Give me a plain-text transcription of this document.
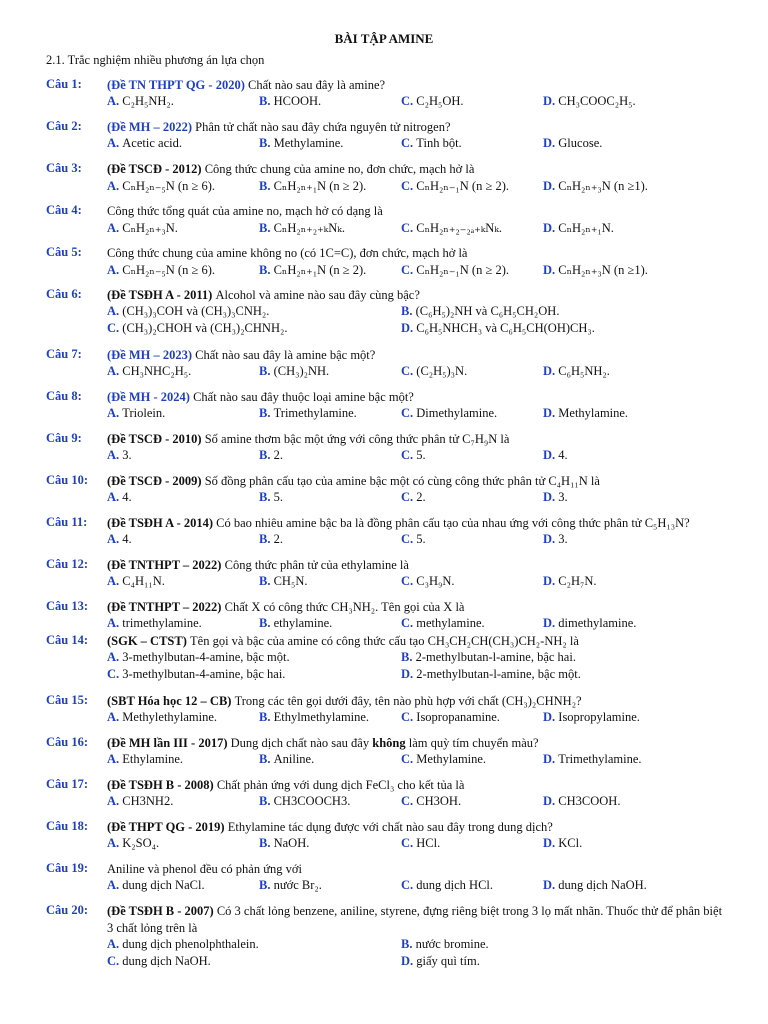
BÀI TẬP AMINE
2.1. Trắc nghiệm nhiều phương án lựa chọn
Câu 1: (Đề TN THPT QG - 2020) Chất nào sau đây là amine?
A. C₂H₅NH₂.	B. HCOOH.	C. C₂H₅OH.	D. CH₃COOC₂H₅.
Câu 2: (Đề MH – 2022) Phân tử chất nào sau đây chứa nguyên tử nitrogen?
A. Acetic acid.	B. Methylamine.	C. Tinh bột.	D. Glucose.
Câu 3: (Đề TSCĐ - 2012) Công thức chung của amine no, đơn chức, mạch hở là
A. CₙH₂ₙ₋₅N (n ≥ 6).	B. CₙH₂ₙ₊₁N (n ≥ 2).	C. CₙH₂ₙ₋₁N (n ≥ 2).	D. CₙH₂ₙ₊₃N (n ≥1).
Câu 4: Công thức tổng quát của amine no, mạch hở có dạng là
A. CₙH₂ₙ₊₃N.	B. CₙH₂ₙ₊₂₊ₖNₖ.	C. CₙH₂ₙ₊₂₋₂ₐ₊ₖNₖ.	D. CₙH₂ₙ₊₁N.
Câu 5: Công thức chung của amine không no (có 1C=C), đơn chức, mạch hở là
A. CₙH₂ₙ₋₅N (n ≥ 6).	B. CₙH₂ₙ₊₁N (n ≥ 2).	C. CₙH₂ₙ₋₁N (n ≥ 2).	D. CₙH₂ₙ₊₃N (n ≥1).
Câu 6: (Đề TSĐH A - 2011) Alcohol và amine nào sau đây cùng bậc?
A. (CH₃)₃COH và (CH₃)₃CNH₂.	B. (C₆H₅)₂NH và C₆H₅CH₂OH.
C. (CH₃)₂CHOH và (CH₃)₂CHNH₂.	D. C₆H₅NHCH₃ và C₆H₅CH(OH)CH₃.
Câu 7: (Đề MH – 2023) Chất nào sau đây là amine bậc một?
A. CH₃NHC₂H₅.	B. (CH₃)₂NH.	C. (C₂H₅)₃N.	D. C₆H₅NH₂.
Câu 8: (Đề MH - 2024) Chất nào sau đây thuộc loại amine bậc một?
A. Triolein.	B. Trimethylamine.	C. Dimethylamine.	D. Methylamine.
Câu 9: (Đề TSCĐ - 2010) Số amine thơm bậc một ứng với công thức phân tử C₇H₉N là
A. 3.	B. 2.	C. 5.	D. 4.
Câu 10: (Đề TSCĐ - 2009) Số đồng phân cấu tạo của amine bậc một có cùng công thức phân tử C₄H₁₁N là
A. 4.	B. 5.	C. 2.	D. 3.
Câu 11: (Đề TSĐH A - 2014) Có bao nhiêu amine bậc ba là đồng phân cấu tạo của nhau ứng với công thức phân tử C₅H₁₃N?
A. 4.	B. 2.	C. 5.	D. 3.
Câu 12: (Đề TNTHPT – 2022) Công thức phân tử của ethylamine là
A. C₄H₁₁N.	B. CH₅N.	C. C₃H₉N.	D. C₂H₇N.
Câu 13: (Đề TNTHPT – 2022) Chất X có công thức CH₃NH₂. Tên gọi của X là
A. trimethylamine.	B. ethylamine.	C. methylamine.	D. dimethylamine.
Câu 14: (SGK – CTST) Tên gọi và bậc của amine có công thức cấu tạo CH₃CH₂CH(CH₃)CH₂-NH₂ là
A. 3-methylbutan-4-amine, bậc một.	B. 2-methylbutan-l-amine, bậc hai.
C. 3-methylbutan-4-amine, bậc hai.	D. 2-methylbutan-l-amine, bậc một.
Câu 15: (SBT Hóa học 12 – CB) Trong các tên gọi dưới đây, tên nào phù hợp với chất (CH₃)₂CHNH₂?
A. Methylethylamine.	B. Ethylmethylamine.	C. Isopropanamine.	D. Isopropylamine.
Câu 16: (Đề MH lần III - 2017) Dung dịch chất nào sau đây không làm quỳ tím chuyển màu?
A. Ethylamine.	B. Aniline.	C. Methylamine.	D. Trimethylamine.
Câu 17: (Đề TSĐH B - 2008) Chất phản ứng với dung dịch FeCl₃ cho kết tủa là
A. CH3NH2.	B. CH3COOCH3.	C. CH3OH.	D. CH3COOH.
Câu 18: (Đề THPT QG - 2019) Ethylamine tác dụng được với chất nào sau đây trong dung dịch?
A. K₂SO₄.	B. NaOH.	C. HCl.	D. KCl.
Câu 19: Aniline và phenol đều có phản ứng với
A. dung dịch NaCl.	B. nước Br₂.	C. dung dịch HCl.	D. dung dịch NaOH.
Câu 20: (Đề TSĐH B - 2007) Có 3 chất lỏng benzene, aniline, styrene, đựng riêng biệt trong 3 lọ mất nhãn. Thuốc thử để phân biệt 3 chất lỏng trên là
A. dung dịch phenolphthalein.	B. nước bromine.
C. dung dịch NaOH.	D. giấy quì tím.
